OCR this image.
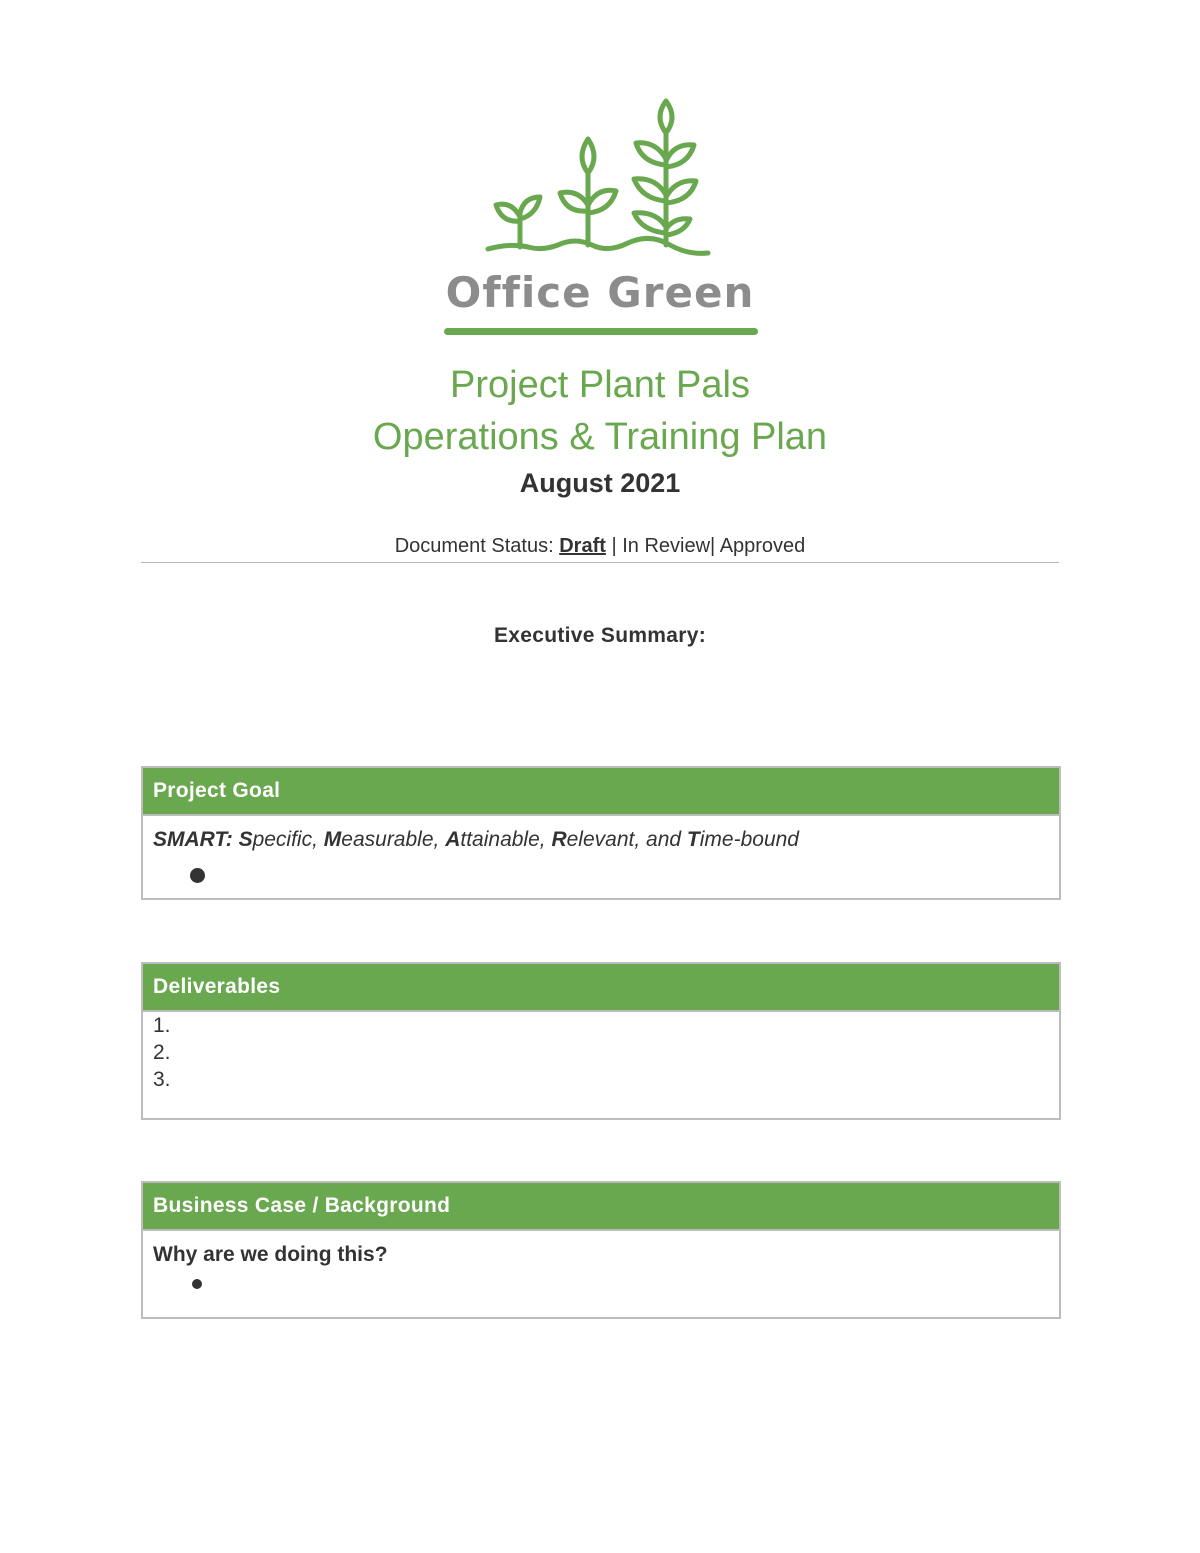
Office Green
Project Plant Pals
Operations & Training Plan
August 2021
Document Status: Draft | In Review| Approved
Executive Summary:
Project Goal
SMART: Specific, Measurable, Attainable, Relevant, and Time-bound
Deliverables
1.
2.
3.
Business Case / Background
Why are we doing this?
